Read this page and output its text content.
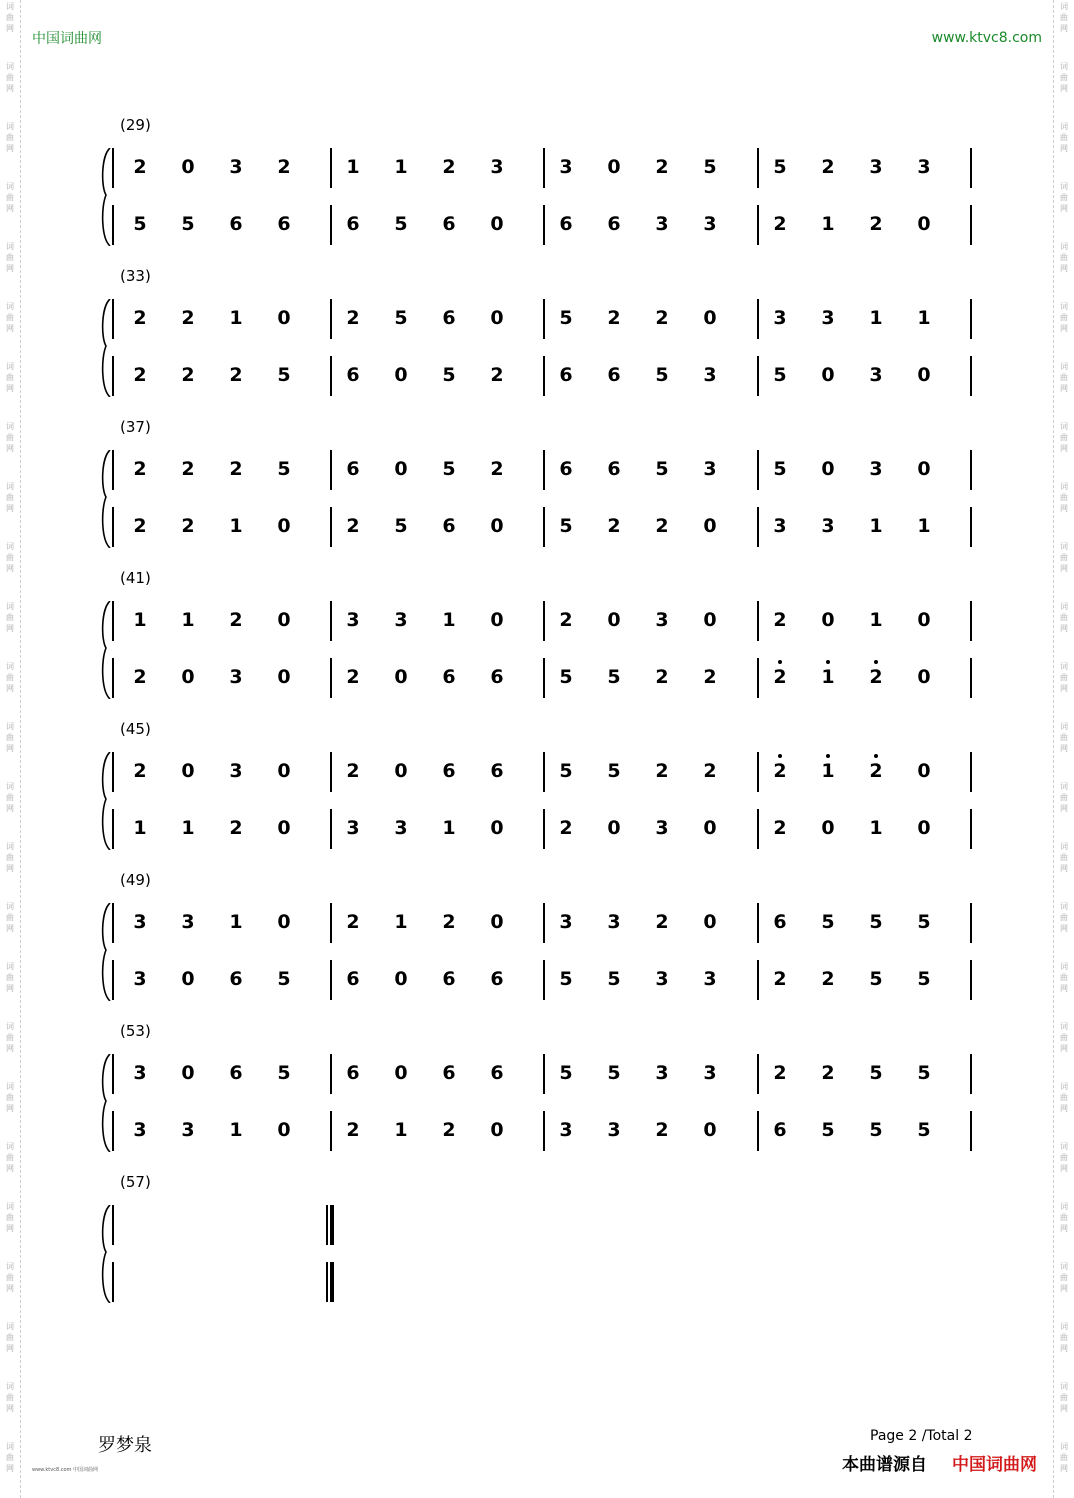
词
曲
网
词
曲
网
词
曲
网
词
曲
网
词
曲
网
词
曲
网
词
曲
网
词
曲
网
词
曲
网
词
曲
网
词
曲
网
词
曲
网
词
曲
网
词
曲
网
词
曲
网
词
曲
网
词
曲
网
词
曲
网
词
曲
网
词
曲
网
词
曲
网
词
曲
网
词
曲
网
词
曲
网
词
曲
网
词
曲
网
词
曲
网
词
曲
网
词
曲
网
词
曲
网
词
曲
网
词
曲
网
词
曲
网
词
曲
网
词
曲
网
词
曲
网
词
曲
网
词
曲
网
词
曲
网
词
曲
网
词
曲
网
词
曲
网
词
曲
网
词
曲
网
词
曲
网
词
曲
网
词
曲
网
词
曲
网
词
曲
网
词
曲
网
中国词曲网	www.ktvc8.com
(29)
2 0 3 2	1 1 2 3	3 0 2 5	5 2 3 3
5 5 6 6	6 5 6 0	6 6 3 3	2 1 2 0
(33)
2 2 1 0	2 5 6 0	5 2 2 0	3 3 1 1
2 2 2 5	6 0 5 2	6 6 5 3	5 0 3 0
(37)
2 2 2 5	6 0 5 2	6 6 5 3	5 0 3 0
2 2 1 0	2 5 6 0	5 2 2 0	3 3 1 1
(41)
1 1 2 0	3 3 1 0	2 0 3 0	2 0 1 0
2 0 3 0	2 0 6 6	5 5 2 2	2 1 2 0
(45)
2 0 3 0	2 0 6 6	5 5 2 2	2 1 2 0
1 1 2 0	3 3 1 0	2 0 3 0	2 0 1 0
(49)
3 3 1 0	2 1 2 0	3 3 2 0	6 5 5 5
3 0 6 5	6 0 6 6	5 5 3 3	2 2 5 5
(53)
3 0 6 5	6 0 6 6	5 5 3 3	2 2 5 5
3 3 1 0	2 1 2 0	3 3 2 0	6 5 5 5
(57)
罗梦泉	Page 2 /Total 2
本曲谱源自 中国词曲网
www.ktvc8.com 中国词曲网
